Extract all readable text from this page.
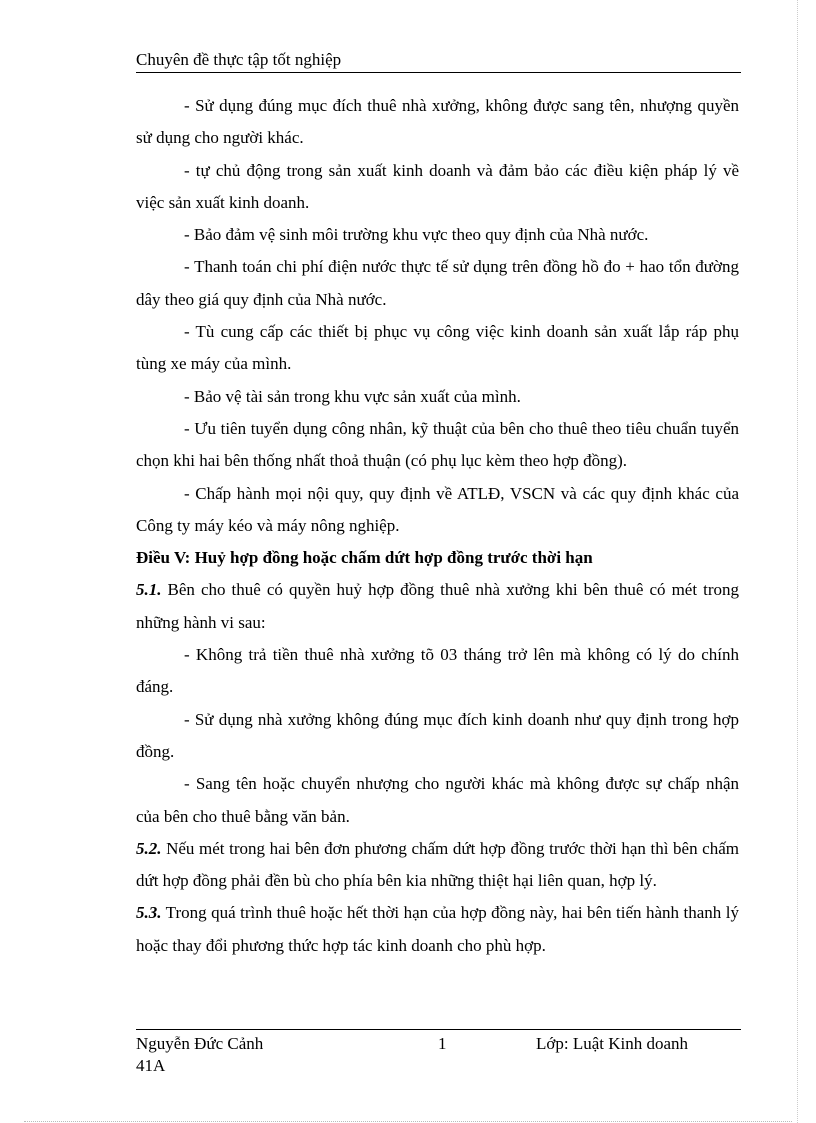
Chuyên đề thực tập tốt nghiệp

- Sử dụng đúng mục đích thuê nhà xưởng, không được sang tên, nhượng quyền sử dụng cho người khác.

- tự chủ động trong sản xuất kinh doanh và đảm bảo các điều kiện pháp lý về việc sản xuất kinh doanh.

- Bảo đảm vệ sinh môi trường khu vực theo quy định của Nhà nước.

- Thanh toán chi phí điện nước thực tế sử dụng trên đồng hồ đo + hao tổn đường dây theo giá quy định của Nhà nước.

- Tù cung cấp các thiết bị phục vụ công việc kinh doanh sản xuất lắp ráp phụ tùng xe máy của mình.

- Bảo vệ tài sản trong khu vực sản xuất của mình.

- Ưu tiên tuyển dụng công nhân, kỹ thuật của bên cho thuê theo tiêu chuẩn tuyển chọn khi hai bên thống nhất thoả thuận (có phụ lục kèm theo hợp đồng).

- Chấp hành mọi nội quy, quy định về ATLĐ, VSCN và các quy định khác của Công ty máy kéo và máy nông nghiệp.

Điều V: Huỷ hợp đồng hoặc chấm dứt hợp đồng trước thời hạn

5.1. Bên cho thuê có quyền huỷ hợp đồng thuê nhà xưởng khi bên thuê có mét trong những hành vi sau:

- Không trả tiền thuê nhà xưởng tõ 03 tháng trở lên mà không có lý do chính đáng.

- Sử dụng nhà xưởng không đúng mục đích kinh doanh như quy định trong hợp đồng.

- Sang tên hoặc chuyển nhượng cho người khác mà không được sự chấp nhận của bên cho thuê bằng văn bản.

5.2. Nếu mét trong hai bên đơn phương chấm dứt hợp đồng trước thời hạn thì bên chấm dứt hợp đồng phải đền bù cho phía bên kia những thiệt hại liên quan, hợp lý.

5.3. Trong quá trình thuê hoặc hết thời hạn của hợp đồng này, hai bên tiến hành thanh lý hoặc thay đổi phương thức hợp tác kinh doanh cho phù hợp.

Nguyễn Đức Cảnh
41A
1	Lớp: Luật Kinh doanh
